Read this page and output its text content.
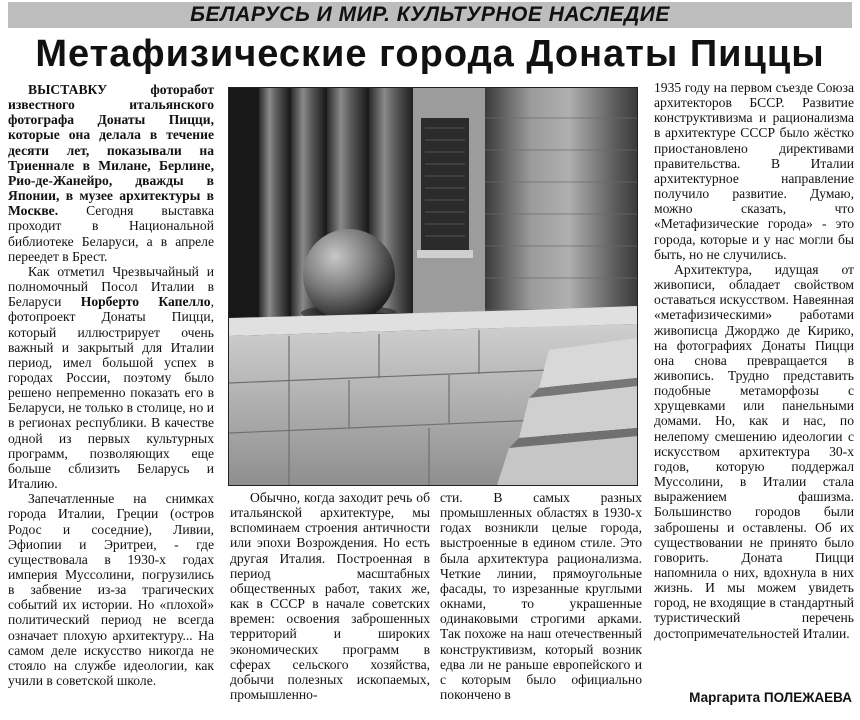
БЕЛАРУСЬ И МИР. КУЛЬТУРНОЕ НАСЛЕДИЕ
Метафизические города Донаты Пиццы

ВЫСТАВКУ фоторабот известного итальянского фотографа Донаты Пицци, которые она делала в течение десяти лет, показывали на Триеннале в Милане, Берлине, Рио-де-Жанейро, дважды в Японии, в музее архитектуры в Москве. Сегодня выставка проходит в Национальной библиотеке Беларуси, а в апреле переедет в Брест.

Как отметил Чрезвычайный и полномочный Посол Италии в Беларуси Норберто Капелло, фотопроект Донаты Пицци, который иллюстрирует очень важный и закрытый для Италии период, имел большой успех в городах России, поэтому было решено непременно показать его в Беларуси, не только в столице, но и в регионах республики. В качестве одной из первых культурных программ, позволяющих еще больше сблизить Беларусь и Италию.

Запечатленные на снимках города Италии, Греции (остров Родос и соседние), Ливии, Эфиопии и Эритреи, - где существовала в 1930-х годах империя Муссолини, погрузились в забвение из-за трагических событий их истории. Но «плохой» политический период не всегда означает плохую архитектуру... На самом деле искусство никогда не стояло на службе идеологии, как учили в советской школе.

Обычно, когда заходит речь об итальянской архитектуре, мы вспоминаем строения античности или эпохи Возрождения. Но есть другая Италия. Построенная в период масштабных общественных работ, таких же, как в СССР в начале советских времен: освоения заброшенных территорий и широких экономических программ в сферах сельского хозяйства, добычи полезных ископаемых, промышленно-

сти. В самых разных промышленных областях в 1930-х годах возникли целые города, выстроенные в едином стиле. Это была архитектура рационализма. Четкие линии, прямоугольные фасады, то изрезанные круглыми окнами, то украшенные одинаковыми строгими арками. Так похоже на наш отечественный конструктивизм, который возник едва ли не раньше европейского и с которым было официально покончено в

1935 году на первом съезде Союза архитекторов БССР. Развитие конструктивизма и рационализма в архитектуре СССР было жёстко приостановлено директивами правительства. В Италии архитектурное направление получило развитие. Думаю, можно сказать, что «Метафизические города» - это города, которые и у нас могли бы быть, но не случились.

Архитектура, идущая от живописи, обладает свойством оставаться искусством. Навеянная «метафизическими» работами живописца Джорджо де Кирико, на фотографиях Донаты Пицци она снова превращается в живопись. Трудно представить подобные метаморфозы с хрущевками или панельными домами. Но, как и нас, по нелепому смешению идеологии с искусством архитектура 30-х годов, которую поддержал Муссолини, в Италии стала выражением фашизма. Большинство городов были заброшены и оставлены. Об их существовании не принято было говорить. Доната Пицци напомнила о них, вдохнула в них жизнь. И мы можем увидеть город, не входящие в стандартный туристический перечень достопримечательностей Италии.

Маргарита ПОЛЕЖАЕВА
